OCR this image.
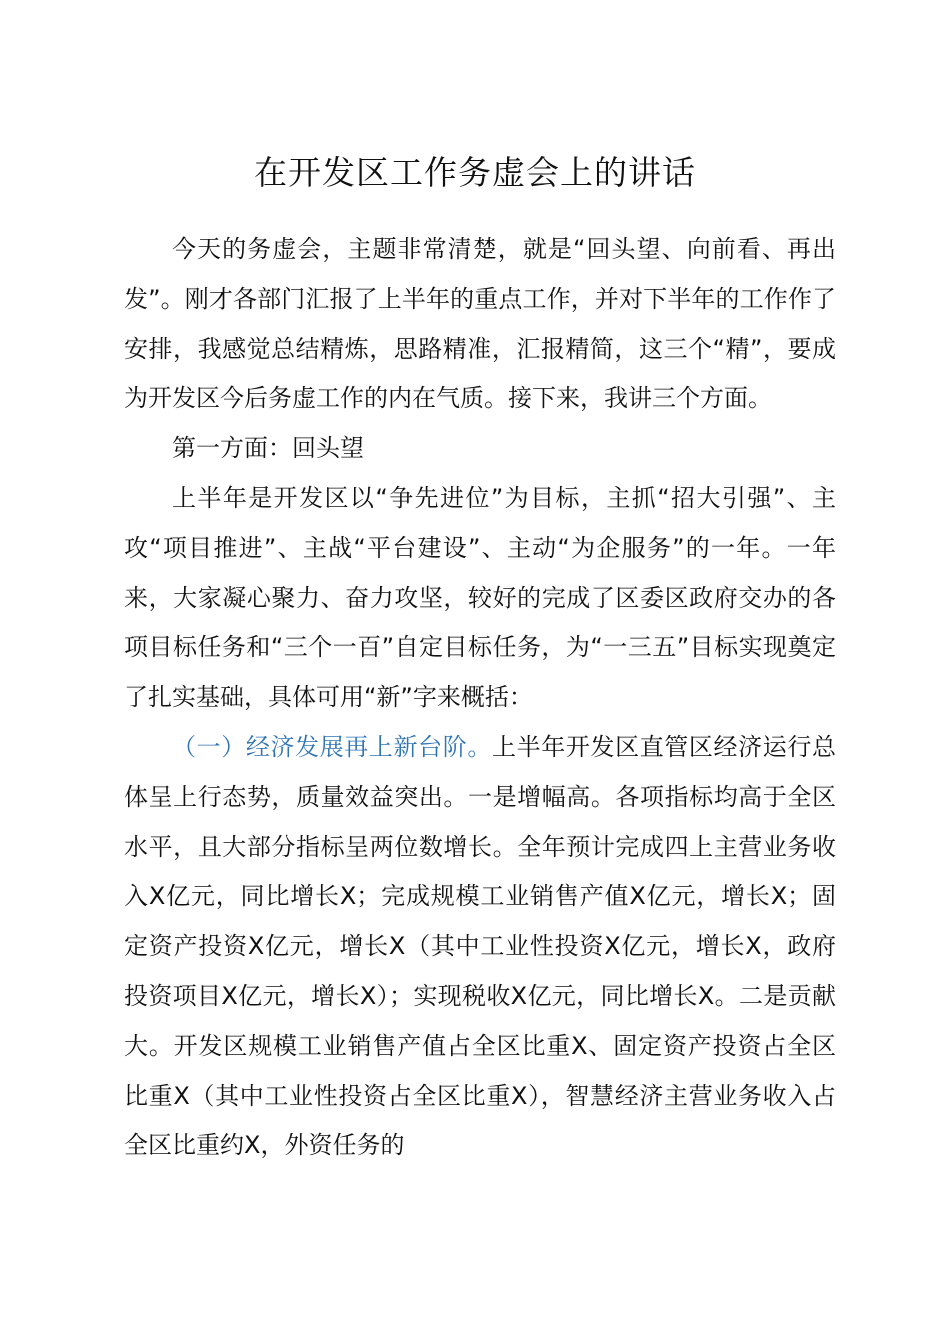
在开发区工作务虚会上的讲话

今天的务虚会，主题非常清楚，就是“回头望、向前看、再出发”。刚才各部门汇报了上半年的重点工作，并对下半年的工作作了安排，我感觉总结精炼，思路精准，汇报精简，这三个“精”，要成为开发区今后务虚工作的内在气质。接下来，我讲三个方面。

第一方面：回头望

上半年是开发区以“争先进位”为目标，主抓“招大引强”、主攻“项目推进”、主战“平台建设”、主动“为企服务”的一年。一年来，大家凝心聚力、奋力攻坚，较好的完成了区委区政府交办的各项目标任务和“三个一百”自定目标任务，为“一三五”目标实现奠定了扎实基础，具体可用“新”字来概括：

（一）经济发展再上新台阶。上半年开发区直管区经济运行总体呈上行态势，质量效益突出。一是增幅高。各项指标均高于全区水平，且大部分指标呈两位数增长。全年预计完成四上主营业务收入X亿元，同比增长X；完成规模工业销售产值X亿元，增长X；固定资产投资X亿元，增长X（其中工业性投资X亿元，增长X，政府投资项目X亿元，增长X）；实现税收X亿元，同比增长X。二是贡献大。开发区规模工业销售产值占全区比重X、固定资产投资占全区比重X（其中工业性投资占全区比重X），智慧经济主营业务收入占全区比重约X，外资任务的
